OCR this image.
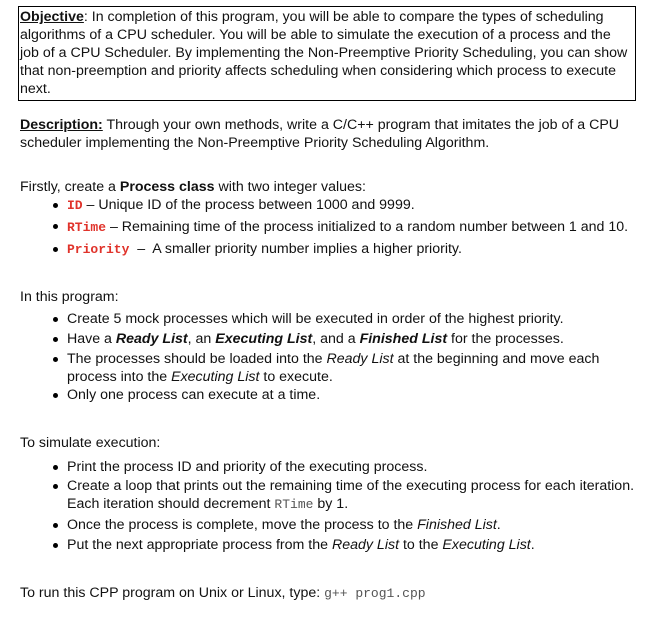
Objective: In completion of this program, you will be able to compare the types of scheduling algorithms of a CPU scheduler. You will be able to simulate the execution of a process and the job of a CPU Scheduler. By implementing the Non-Preemptive Priority Scheduling, you can show that non-preemption and priority affects scheduling when considering which process to execute next.

Description: Through your own methods, write a C/C++ program that imitates the job of a CPU scheduler implementing the Non-Preemptive Priority Scheduling Algorithm.

Firstly, create a Process class with two integer values:

ID – Unique ID of the process between 1000 and 9999.
RTime – Remaining time of the process initialized to a random number between 1 and 10.
Priority  –  A smaller priority number implies a higher priority.

In this program:

Create 5 mock processes which will be executed in order of the highest priority.
Have a Ready List, an Executing List, and a Finished List for the processes.
The processes should be loaded into the Ready List at the beginning and move each process into the Executing List to execute.
Only one process can execute at a time.

To simulate execution:

Print the process ID and priority of the executing process.
Create a loop that prints out the remaining time of the executing process for each iteration. Each iteration should decrement RTime by 1.
Once the process is complete, move the process to the Finished List.
Put the next appropriate process from the Ready List to the Executing List.

To run this CPP program on Unix or Linux, type: g++ prog1.cpp
